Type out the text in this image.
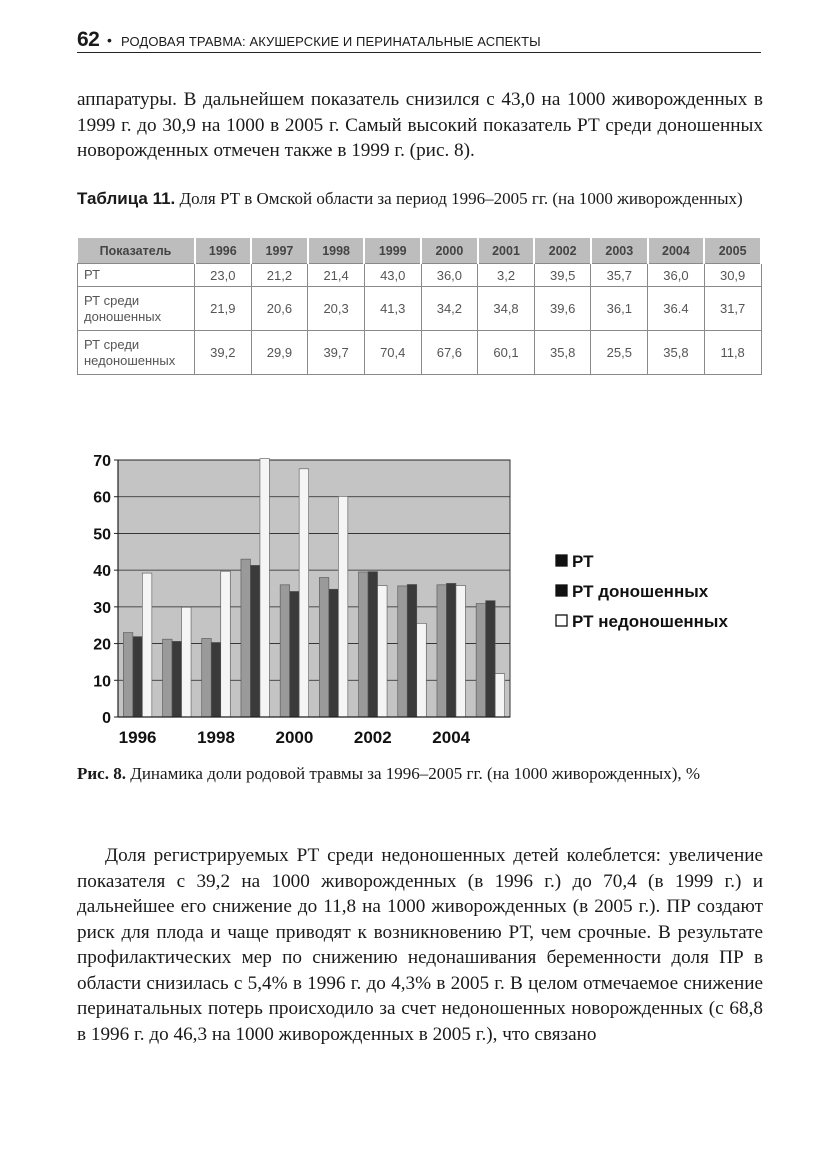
62 • РОДОВАЯ ТРАВМА: АКУШЕРСКИЕ И ПЕРИНАТАЛЬНЫЕ АСПЕКТЫ
аппаратуры. В дальнейшем показатель снизился с 43,0 на 1000 живорожденных в 1999 г. до 30,9 на 1000 в 2005 г. Самый высокий показатель РТ среди доношенных новорожденных отмечен также в 1999 г. (рис. 8).
Таблица 11. Доля РТ в Омской области за период 1996–2005 гг. (на 1000 живорожденных)
Показатель	1996	1997	1998	1999	2000	2001	2002	2003	2004	2005
РТ	23,0	21,2	21,4	43,0	36,0	3,2	39,5	35,7	36,0	30,9
РТ среди доношенных	21,9	20,6	20,3	41,3	34,2	34,8	39,6	36,1	36.4	31,7
РТ среди недоношенных	39,2	29,9	39,7	70,4	67,6	60,1	35,8	25,5	35,8	11,8
0
10
20
30
40
50
60
70
1996 1998 2000 2002 2004
РТ
РТ доношенных
РТ недоношенных
Рис. 8. Динамика доли родовой травмы за 1996–2005 гг. (на 1000 живорожденных), %
Доля регистрируемых РТ среди недоношенных детей колеблется: увеличение показателя с 39,2 на 1000 живорожденных (в 1996 г.) до 70,4 (в 1999 г.) и дальнейшее его снижение до 11,8 на 1000 живорожденных (в 2005 г.). ПР создают риск для плода и чаще приводят к возникновению РТ, чем срочные. В результате профилактических мер по снижению недонашивания беременности доля ПР в области снизилась с 5,4% в 1996 г. до 4,3% в 2005 г. В целом отмечаемое снижение перинатальных потерь происходило за счет недоношенных новорожденных (с 68,8 в 1996 г. до 46,3 на 1000 живорожденных в 2005 г.), что связано
